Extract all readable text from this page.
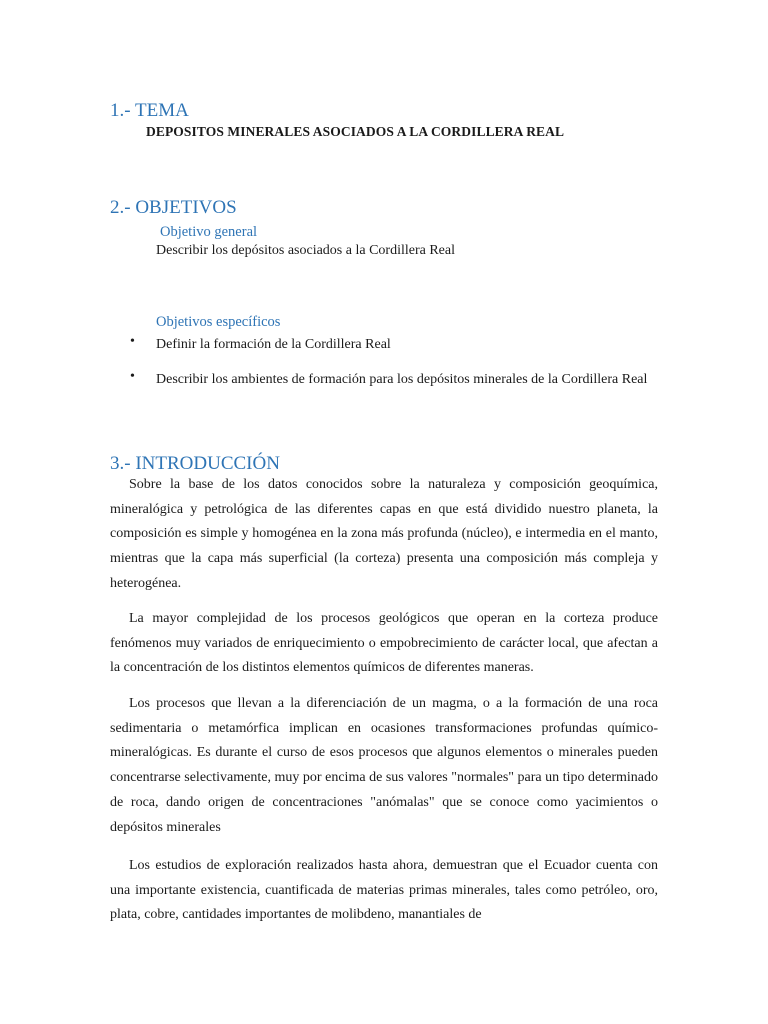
1.- TEMA
DEPOSITOS MINERALES ASOCIADOS A LA CORDILLERA REAL
2.- OBJETIVOS
Objetivo general
Describir los depósitos asociados a la Cordillera Real
Objetivos específicos
• Definir la formación de la Cordillera Real
• Describir los ambientes de formación para los depósitos minerales de la Cordillera Real
3.- INTRODUCCIÓN

Sobre la base de los datos conocidos sobre la naturaleza y composición geoquímica, mineralógica y petrológica de las diferentes capas en que está dividido nuestro planeta, la composición es simple y homogénea en la zona más profunda (núcleo), e intermedia en el manto, mientras que la capa más superficial (la corteza) presenta una composición más compleja y heterogénea.

La mayor complejidad de los procesos geológicos que operan en la corteza produce fenómenos muy variados de enriquecimiento o empobrecimiento de carácter local, que afectan a la concentración de los distintos elementos químicos de diferentes maneras.

Los procesos que llevan a la diferenciación de un magma, o a la formación de una roca sedimentaria o metamórfica implican en ocasiones transformaciones profundas químico-mineralógicas. Es durante el curso de esos procesos que algunos elementos o minerales pueden concentrarse selectivamente, muy por encima de sus valores "normales" para un tipo determinado de roca, dando origen de concentraciones "anómalas" que se conoce como yacimientos o depósitos minerales

Los estudios de exploración realizados hasta ahora, demuestran que el Ecuador cuenta con una importante existencia, cuantificada de materias primas minerales, tales como petróleo, oro, plata, cobre, cantidades importantes de molibdeno, manantiales de
